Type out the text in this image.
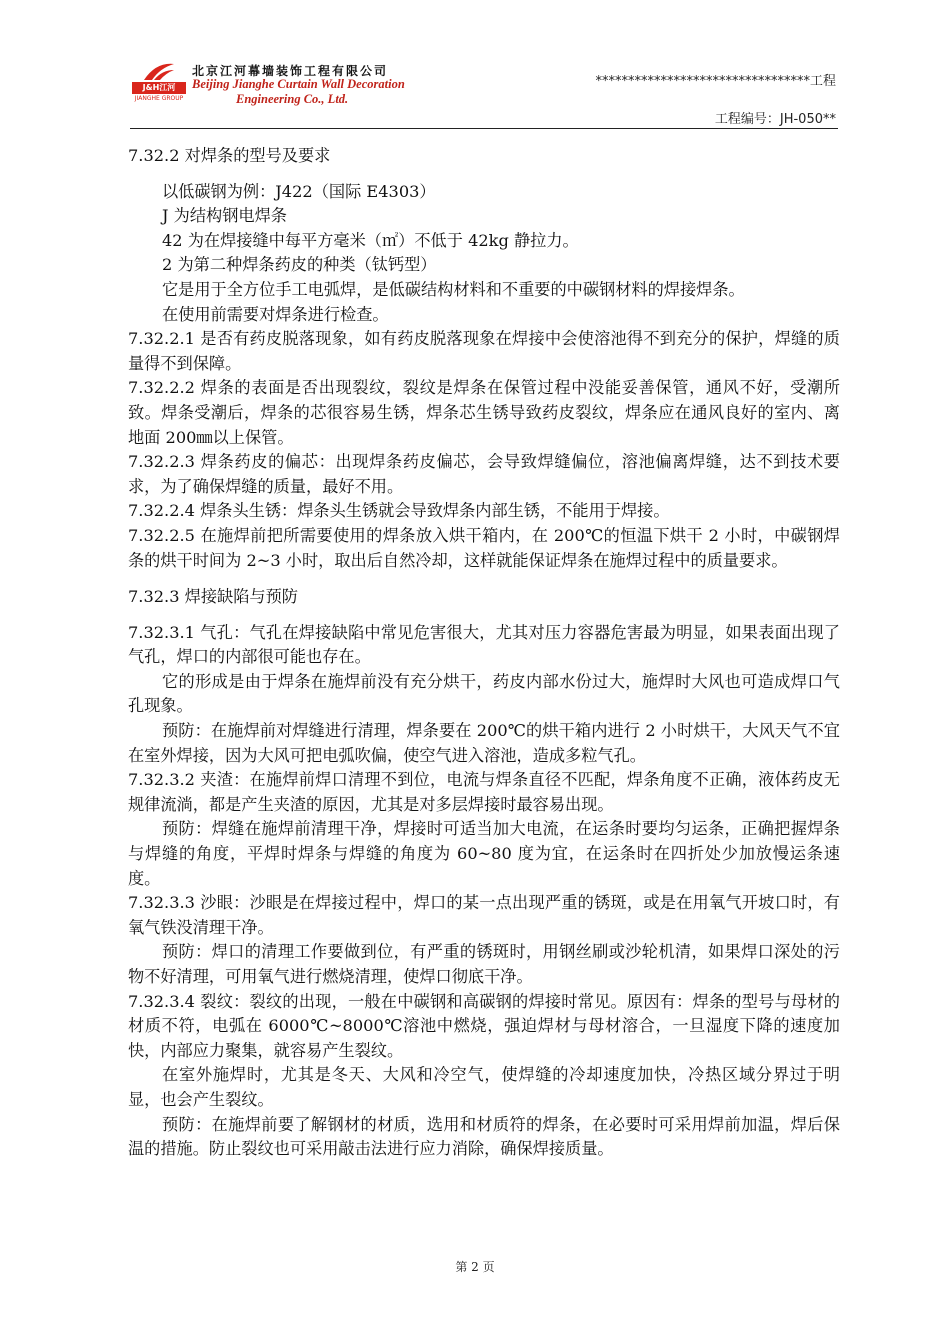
J&H江河
JIANGHE GROUP
北京江河幕墙装饰工程有限公司
Beijing Jianghe Curtain Wall Decoration
Engineering Co., Ltd.
*********************************工程
工程编号：JH-050**

7.32.2 对焊条的型号及要求

以低碳钢为例：J422（国际 E4303）

J 为结构钢电焊条

42 为在焊接缝中每平方毫米（㎡）不低于 42kg 静拉力。

2 为第二种焊条药皮的种类（钛钙型）

它是用于全方位手工电弧焊，是低碳结构材料和不重要的中碳钢材料的焊接焊条。

在使用前需要对焊条进行检查。

7.32.2.1 是否有药皮脱落现象，如有药皮脱落现象在焊接中会使溶池得不到充分的保护，焊缝的质量得不到保障。

7.32.2.2 焊条的表面是否出现裂纹，裂纹是焊条在保管过程中没能妥善保管，通风不好，受潮所致。焊条受潮后，焊条的芯很容易生锈，焊条芯生锈导致药皮裂纹，焊条应在通风良好的室内、离地面 200㎜以上保管。

7.32.2.3 焊条药皮的偏芯：出现焊条药皮偏芯，会导致焊缝偏位，溶池偏离焊缝，达不到技术要求，为了确保焊缝的质量，最好不用。

7.32.2.4 焊条头生锈：焊条头生锈就会导致焊条内部生锈，不能用于焊接。

7.32.2.5 在施焊前把所需要使用的焊条放入烘干箱内，在 200℃的恒温下烘干 2 小时，中碳钢焊条的烘干时间为 2~3 小时，取出后自然冷却，这样就能保证焊条在施焊过程中的质量要求。

7.32.3 焊接缺陷与预防

7.32.3.1 气孔：气孔在焊接缺陷中常见危害很大，尤其对压力容器危害最为明显，如果表面出现了气孔，焊口的内部很可能也存在。

它的形成是由于焊条在施焊前没有充分烘干，药皮内部水份过大，施焊时大风也可造成焊口气孔现象。

预防：在施焊前对焊缝进行清理，焊条要在 200℃的烘干箱内进行 2 小时烘干，大风天气不宜在室外焊接，因为大风可把电弧吹偏，使空气进入溶池，造成多粒气孔。

7.32.3.2 夹渣：在施焊前焊口清理不到位，电流与焊条直径不匹配，焊条角度不正确，液体药皮无规律流淌，都是产生夹渣的原因，尤其是对多层焊接时最容易出现。

预防：焊缝在施焊前清理干净，焊接时可适当加大电流，在运条时要均匀运条，正确把握焊条与焊缝的角度，平焊时焊条与焊缝的角度为 60~80 度为宜，在运条时在四折处少加放慢运条速度。

7.32.3.3 沙眼：沙眼是在焊接过程中，焊口的某一点出现严重的锈斑，或是在用氧气开坡口时，有氧气铁没清理干净。

预防：焊口的清理工作要做到位，有严重的锈斑时，用钢丝刷或沙轮机清，如果焊口深处的污物不好清理，可用氧气进行燃烧清理，使焊口彻底干净。

7.32.3.4 裂纹：裂纹的出现，一般在中碳钢和高碳钢的焊接时常见。原因有：焊条的型号与母材的材质不符，电弧在 6000℃~8000℃溶池中燃烧，强迫焊材与母材溶合，一旦湿度下降的速度加快，内部应力聚集，就容易产生裂纹。

在室外施焊时，尤其是冬天、大风和冷空气，使焊缝的冷却速度加快，冷热区域分界过于明显，也会产生裂纹。

预防：在施焊前要了解钢材的材质，选用和材质符的焊条，在必要时可采用焊前加温，焊后保温的措施。防止裂纹也可采用敲击法进行应力消除，确保焊接质量。

第 2 页
